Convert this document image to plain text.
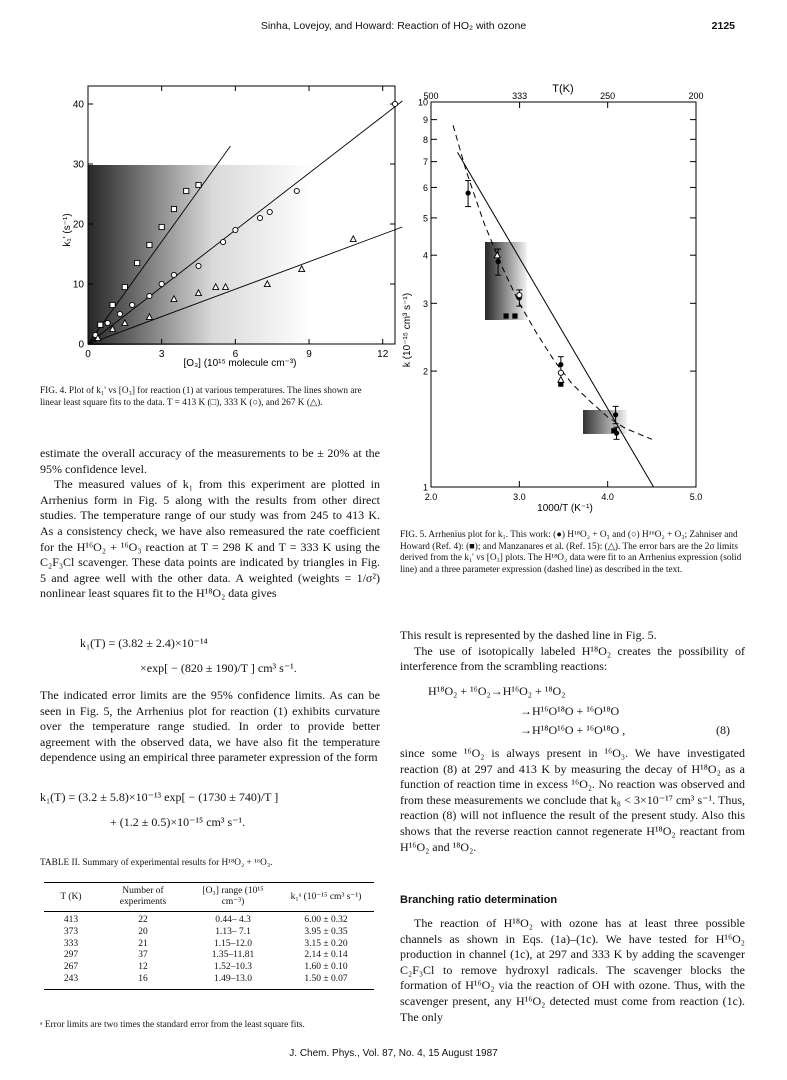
Sinha, Lovejoy, and Howard: Reaction of HO₂ with ozone	2125
0
10
20
30
40
0	3	6	9	12
k₁' (s⁻¹)
[O₃] (10¹⁵ molecule cm⁻³)
FIG. 4. Plot of k₁' vs [O₃] for reaction (1) at various temperatures. The lines shown are linear least square fits to the data. T = 413 K (□), 333 K (○), and 267 K (△).

estimate the overall accuracy of the measurements to be ± 20% at the 95% confidence level.

The measured values of k₁ from this experiment are plotted in Arrhenius form in Fig. 5 along with the results from other direct studies. The temperature range of our study was from 245 to 413 K. As a consistency check, we have also remeasured the rate coefficient for the H¹⁶O₂ + ¹⁶O₃ reaction at T = 298 K and T = 333 K using the C₂F₃Cl scavenger. These data points are indicated by triangles in Fig. 5 and agree well with the other data. A weighted (weights = 1/σ²) nonlinear least squares fit to the H¹⁸O₂ data gives

k₁(T) = (3.82 ± 2.4)×10⁻¹⁴
×exp[ − (820 ± 190)/T ] cm³ s⁻¹.

The indicated error limits are the 95% confidence limits. As can be seen in Fig. 5, the Arrhenius plot for reaction (1) exhibits curvature over the temperature range studied. In order to provide better agreement with the observed data, we have also fit the temperature dependence using an empirical three parameter expression of the form

k₁(T) = (3.2 ± 5.8)×10⁻¹³ exp[ − (1730 ± 740)/T ]
+ (1.2 ± 0.5)×10⁻¹⁵ cm³ s⁻¹.
TABLE II. Summary of experimental results for H¹⁸O₂ + ¹⁶O₃.
T (K)	Number of experiments	[O₃] range (10¹⁵ cm⁻³)	k₁ᵃ (10⁻¹⁵ cm³ s⁻¹)

413	22	0.44– 4.3	6.00 ± 0.32
373	20	1.13– 7.1	3.95 ± 0.35
333	21	1.15–12.0	3.15 ± 0.20
297	37	1.35–11.81	2.14 ± 0.14
267	12	1.52–10.3	1.60 ± 0.10
243	16	1.49–13.0	1.50 ± 0.07
ᵃ Error limits are two times the standard error from the least square fits.
T(K)
1
2
3
4
5
6
7
8
9
10
2.0	3.0	4.0	5.0
500	333	250	200
k (10⁻¹⁵ cm³ s⁻¹)
1000/T (K⁻¹)
FIG. 5. Arrhenius plot for k₁. This work: (●) H¹⁸O₂ + O₃ and (○) H¹⁶O₂ + O₃; Zahniser and Howard (Ref. 4): (■); and Manzanares et al. (Ref. 15): (△). The error bars are the 2σ limits derived from the k₁' vs [O₃] plots. The H¹⁸O₂ data were fit to an Arrhenius expression (solid line) and a three parameter expression (dashed line) as described in the text.

This result is represented by the dashed line in Fig. 5.

The use of isotopically labeled H¹⁸O₂ creates the possibility of interference from the scrambling reactions:

H¹⁸O₂ + ¹⁶O₂→H¹⁶O₂ + ¹⁸O₂
→H¹⁶O¹⁸O + ¹⁶O¹⁸O
→H¹⁸O¹⁶O + ¹⁶O¹⁸O ,	(8)

since some ¹⁶O₂ is always present in ¹⁶O₃. We have investigated reaction (8) at 297 and 413 K by measuring the decay of H¹⁸O₂ as a function of reaction time in excess ¹⁶O₂. No reaction was observed and from these measurements we conclude that k₈ < 3×10⁻¹⁷ cm³ s⁻¹. Thus, reaction (8) will not influence the result of the present study. Also this shows that the reverse reaction cannot regenerate H¹⁸O₂ reactant from H¹⁶O₂ and ¹⁸O₂.

Branching ratio determination

The reaction of H¹⁸O₂ with ozone has at least three possible channels as shown in Eqs. (1a)–(1c). We have tested for H¹⁶O₂ production in channel (1c), at 297 and 333 K by adding the scavenger C₂F₃Cl to remove hydroxyl radicals. The scavenger blocks the formation of H¹⁶O₂ via the reaction of OH with ozone. Thus, with the scavenger present, any H¹⁶O₂ detected must come from reaction (1c). The only

J. Chem. Phys., Vol. 87, No. 4, 15 August 1987
